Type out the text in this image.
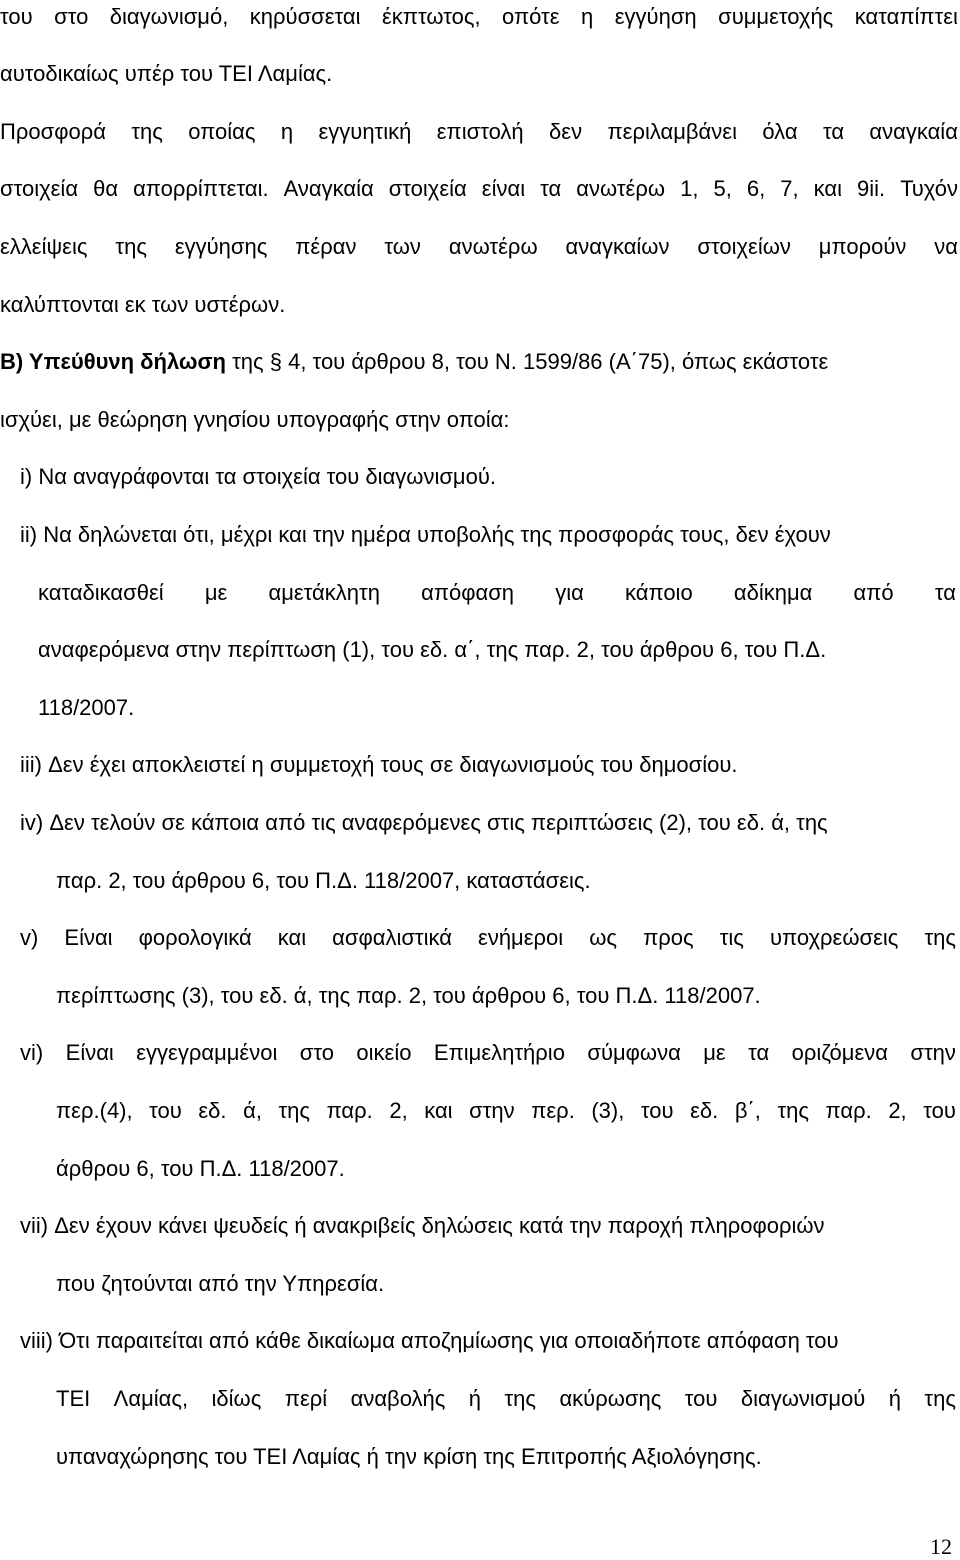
του στο διαγωνισμό, κηρύσσεται έκπτωτος, οπότε η εγγύηση συμμετοχής καταπίπτει
αυτοδικαίως υπέρ του ΤΕΙ Λαμίας.
Προσφορά της οποίας η εγγυητική επιστολή δεν περιλαμβάνει όλα τα αναγκαία
στοιχεία θα απορρίπτεται. Αναγκαία στοιχεία είναι τα ανωτέρω 1, 5, 6, 7, και 9ii. Τυχόν
ελλείψεις της εγγύησης πέραν των ανωτέρω αναγκαίων στοιχείων μπορούν να
καλύπτονται εκ των υστέρων.
Β) Υπεύθυνη δήλωση της § 4, του άρθρου 8, του Ν. 1599/86 (Α΄75), όπως εκάστοτε
ισχύει, με θεώρηση γνησίου υπογραφής στην οποία:
i) Να αναγράφονται τα στοιχεία του διαγωνισμού.
ii) Να δηλώνεται ότι, μέχρι και την ημέρα υποβολής της προσφοράς τους, δεν έχουν
καταδικασθεί με αμετάκλητη απόφαση για κάποιο αδίκημα από τα
αναφερόμενα στην περίπτωση (1), του εδ. α΄, της παρ. 2, του άρθρου 6, του Π.Δ.
118/2007.
iii) Δεν έχει αποκλειστεί η συμμετοχή τους σε διαγωνισμούς του δημοσίου.
iv) Δεν τελούν σε κάποια από τις αναφερόμενες στις περιπτώσεις (2), του εδ. ά, της
παρ. 2, του άρθρου 6, του Π.Δ. 118/2007, καταστάσεις.
v) Είναι φορολογικά και ασφαλιστικά ενήμεροι ως προς τις υποχρεώσεις της
περίπτωσης (3), του εδ. ά, της παρ. 2, του άρθρου 6, του Π.Δ. 118/2007.
vi) Είναι εγγεγραμμένοι στο οικείο Επιμελητήριο σύμφωνα με τα οριζόμενα στην
περ.(4), του εδ. ά, της παρ. 2, και στην περ. (3), του εδ. β΄, της παρ. 2, του
άρθρου 6, του Π.Δ. 118/2007.
vii) Δεν έχουν κάνει ψευδείς ή ανακριβείς δηλώσεις κατά την παροχή πληροφοριών
που ζητούνται από την Υπηρεσία.
viii) Ότι παραιτείται από κάθε δικαίωμα αποζημίωσης για οποιαδήποτε απόφαση του
ΤΕΙ Λαμίας, ιδίως περί αναβολής ή της ακύρωσης του διαγωνισμού ή της
υπαναχώρησης του ΤΕΙ Λαμίας ή την κρίση της Επιτροπής Αξιολόγησης.
12
